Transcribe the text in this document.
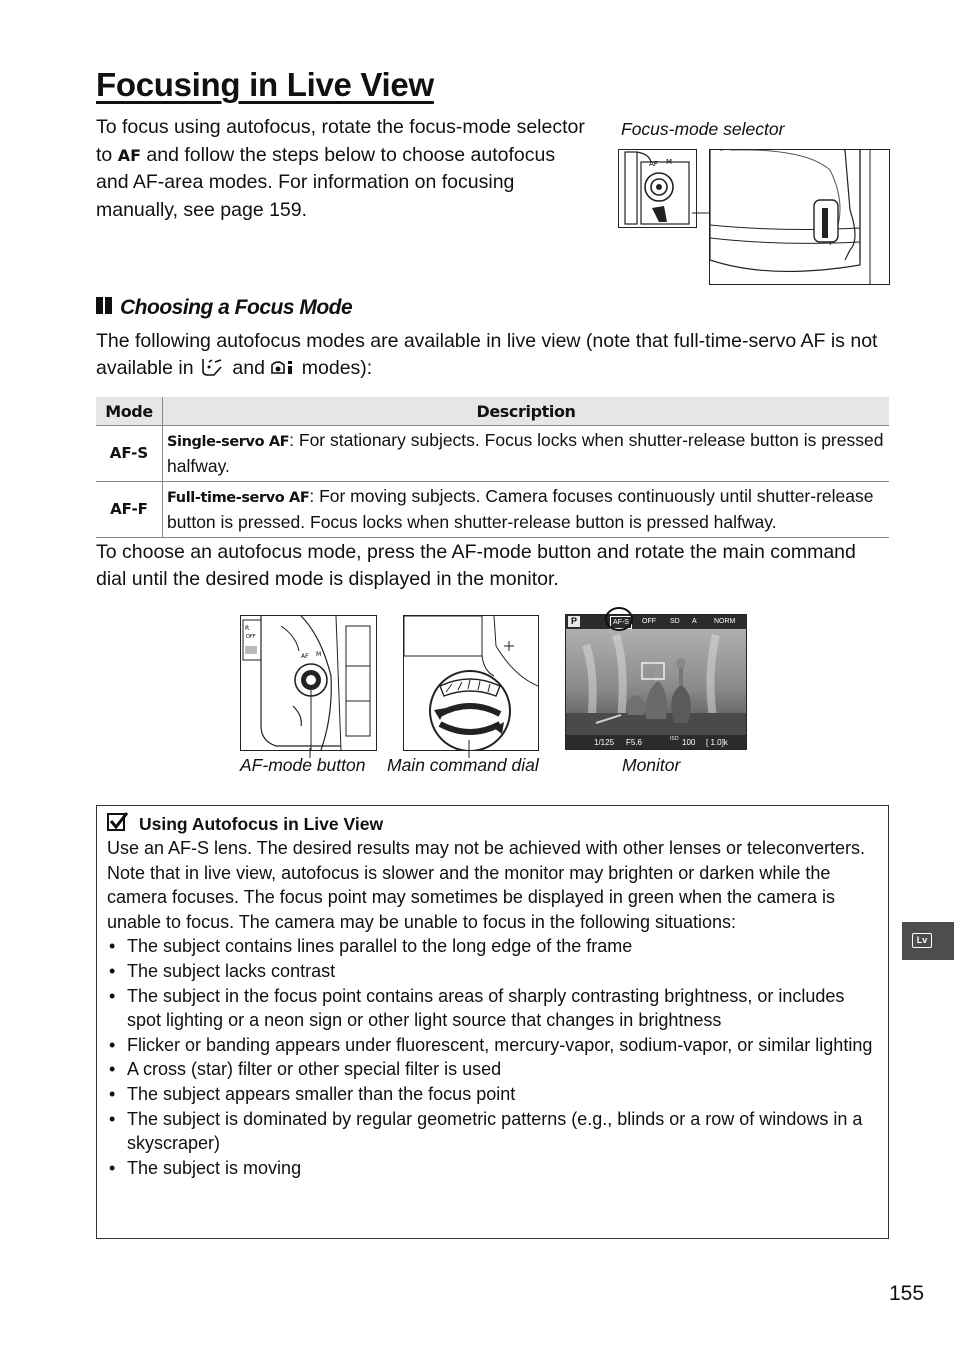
Focusing in Live View

To focus using autofocus, rotate the focus-mode selector to AF and follow the steps below to choose autofocus and AF-area modes. For information on focusing manually, see page 159.

Focus-mode selector
AF M
Choosing a Focus Mode

The following autofocus modes are available in live view (note that full-time-servo AF is not available in  and  modes):

Mode	Description
AF-S	Single-servo AF: For stationary subjects. Focus locks when shutter-release button is pressed halfway.
AF-F	Full-time-servo AF: For moving subjects. Camera focuses continuously until shutter-release button is pressed. Focus locks when shutter-release button is pressed halfway.

To choose an autofocus mode, press the AF-mode button and rotate the main command dial until the desired mode is displayed in the monitor.

R
OFF
AF M
P	AF-S	OFF SD A NORM
1/125 F5.6	ISO 100 [ 1.0]k
AF-mode button Main command dial	Monitor
Using Autofocus in Live View
Use an AF-S lens. The desired results may not be achieved with other lenses or teleconverters. Note that in live view, autofocus is slower and the monitor may brighten or darken while the camera focuses. The focus point may sometimes be displayed in green when the camera is unable to focus. The camera may be unable to focus in the following situations:
• The subject contains lines parallel to the long edge of the frame
• The subject lacks contrast
• The subject in the focus point contains areas of sharply contrasting brightness, or includes spot lighting or a neon sign or other light source that changes in brightness
• Flicker or banding appears under fluorescent, mercury-vapor, sodium-vapor, or similar lighting
• A cross (star) filter or other special filter is used
• The subject appears smaller than the focus point
• The subject is dominated by regular geometric patterns (e.g., blinds or a row of windows in a skyscraper)
• The subject is moving
Lv
155
